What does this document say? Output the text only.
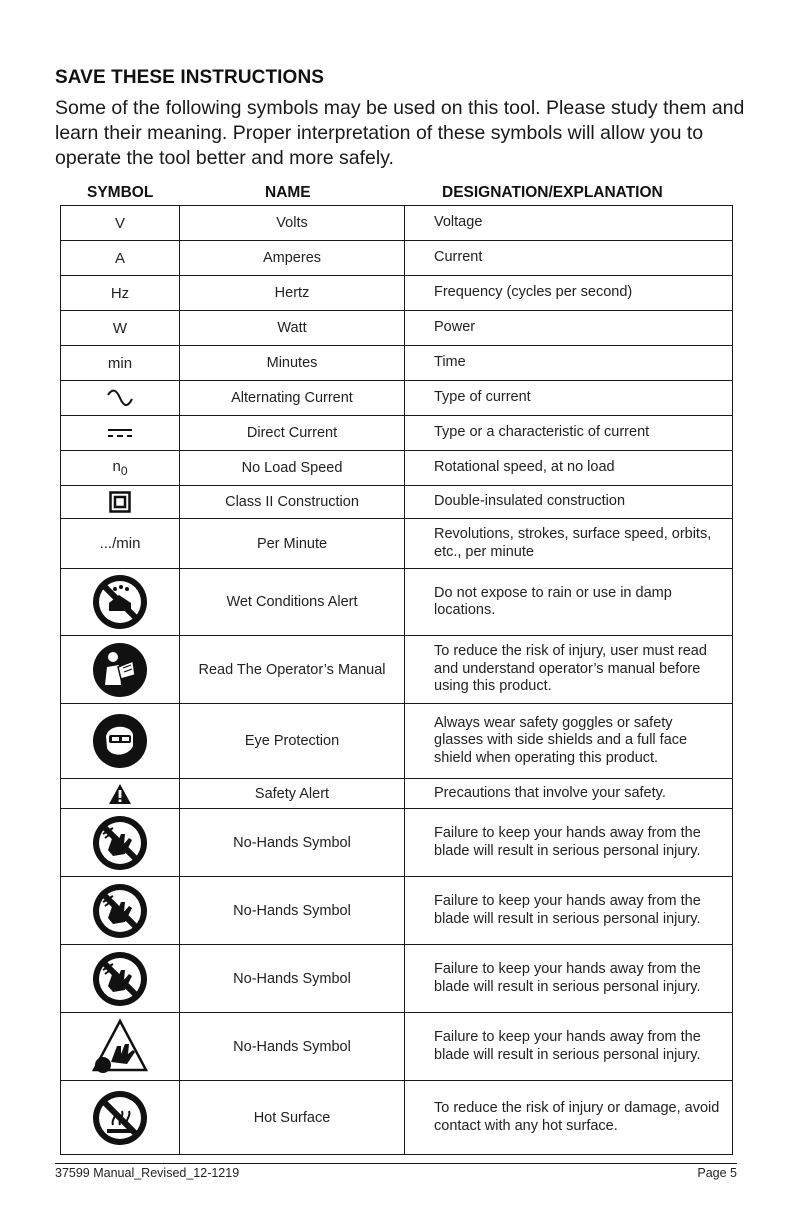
SAVE THESE INSTRUCTIONS
Some of the following symbols may be used on this tool. Please study them and learn their meaning. Proper interpretation of these symbols will allow you to operate the tool better and more safely.
SYMBOL	NAME	DESIGNATION/EXPLANATION
V	Volts	Voltage
A	Amperes	Current
Hz	Hertz	Frequency (cycles per second)
W	Watt	Power
min	Minutes	Time

	Alternating Current	Type of current

	Direct Current	Type or a characteristic of current
$n_0$	No Load Speed	Rotational speed, at no load

	Class II Construction	Double-insulated construction
.../min	Per Minute	Revolutions, strokes, surface speed, orbits, etc., per minute

	Wet Conditions Alert	Do not expose to rain or use in damp locations.

	Read The Operator’s Manual	To reduce the risk of injury, user must read and understand operator’s manual before using this product.

	Eye Protection	Always wear safety goggles or safety glasses with side shields and a full face shield when operating this product.

	Safety Alert	Precautions that involve your safety.

	No-Hands Symbol	Failure to keep your hands away from the blade will result in serious personal injury.

	No-Hands Symbol	Failure to keep your hands away from the blade will result in serious personal injury.

	No-Hands Symbol	Failure to keep your hands away from the blade will result in serious personal injury.

	No-Hands Symbol	Failure to keep your hands away from the blade will result in serious personal injury.

	Hot Surface	To reduce the risk of injury or damage, avoid contact with any hot surface.
37599 Manual_Revised_12-1219	Page 5
